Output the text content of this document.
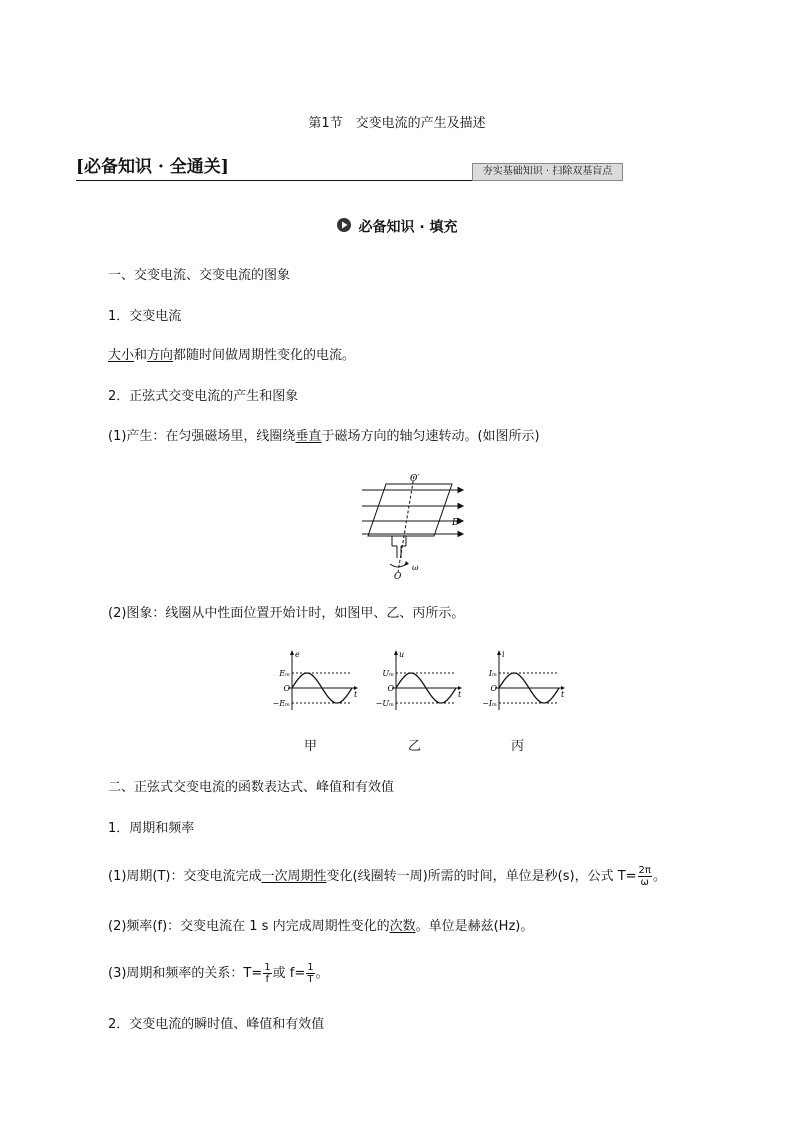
第1节　交变电流的产生及描述
[必备知识 · 全通关]	夯实基础知识 · 扫除双基盲点
必备知识 · 填充
一、交变电流、交变电流的图象
1．交变电流
大小和方向都随时间做周期性变化的电流。
2．正弦式交变电流的产生和图象
(1)产生：在匀强磁场里，线圈绕垂直于磁场方向的轴匀速转动。(如图所示)
O′
B
O
ω
(2)图象：线圈从中性面位置开始计时，如图甲、乙、丙所示。
e
Eₘ
O
−Eₘ
t
甲
u
Uₘ
O
−Uₘ
t
乙
i
Iₘ
O
−Iₘ
t
丙
二、正弦式交变电流的函数表达式、峰值和有效值
1．周期和频率
(1)周期(T)：交变电流完成一次周期性变化(线圈转一周)所需的时间，单位是秒(s)，公式 $T= \frac{2\pi}{\omega}$ 。
(2)频率(f)：交变电流在 1 s 内完成周期性变化的次数。单位是赫兹(Hz)。
(3)周期和频率的关系：$T= \frac{1}{f}$ 或 $f= \frac{1}{T}$ 。
2．交变电流的瞬时值、峰值和有效值
